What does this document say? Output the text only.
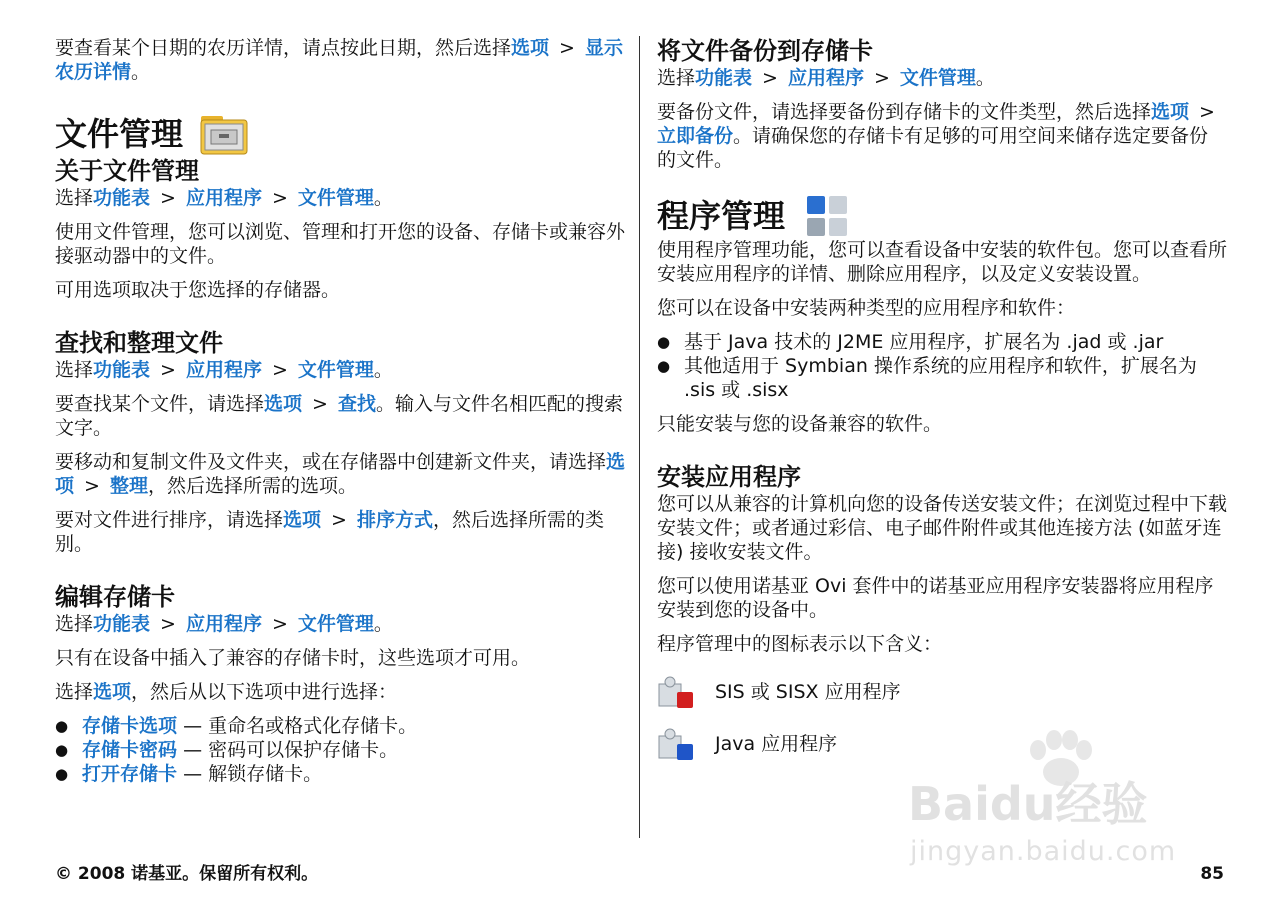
要查看某个日期的农历详情，请点按此日期，然后选择选项 > 显示农历详情。

文件管理
关于文件管理

选择功能表 > 应用程序 > 文件管理。

使用文件管理，您可以浏览、管理和打开您的设备、存储卡或兼容外接驱动器中的文件。

可用选项取决于您选择的存储器。

查找和整理文件

选择功能表 > 应用程序 > 文件管理。

要查找某个文件，请选择选项 > 查找。输入与文件名相匹配的搜索文字。

要移动和复制文件及文件夹，或在存储器中创建新文件夹，请选择选项 > 整理，然后选择所需的选项。

要对文件进行排序，请选择选项 > 排序方式，然后选择所需的类别。

编辑存储卡

选择功能表 > 应用程序 > 文件管理。

只有在设备中插入了兼容的存储卡时，这些选项才可用。

选择选项，然后从以下选项中进行选择：

● 存储卡选项 — 重命名或格式化存储卡。
● 存储卡密码 — 密码可以保护存储卡。
● 打开存储卡 — 解锁存储卡。
将文件备份到存储卡

选择功能表 > 应用程序 > 文件管理。

要备份文件，请选择要备份到存储卡的文件类型，然后选择选项 >立即备份。请确保您的存储卡有足够的可用空间来储存选定要备份的文件。

程序管理

使用程序管理功能，您可以查看设备中安装的软件包。您可以查看所安装应用程序的详情、删除应用程序，以及定义安装设置。

您可以在设备中安装两种类型的应用程序和软件：

● 基于 Java 技术的 J2ME 应用程序，扩展名为 .jad 或 .jar
● 其他适用于 Symbian 操作系统的应用程序和软件，扩展名为 .sis 或 .sisx

只能安装与您的设备兼容的软件。

安装应用程序

您可以从兼容的计算机向您的设备传送安装文件；在浏览过程中下载安装文件；或者通过彩信、电子邮件附件或其他连接方法 (如蓝牙连接) 接收安装文件。

您可以使用诺基亚 Ovi 套件中的诺基亚应用程序安装器将应用程序安装到您的设备中。

程序管理中的图标表示以下含义：

SIS 或 SISX 应用程序
Java 应用程序
Baidu经验
jingyan.baidu.com
© 2008 诺基亚。保留所有权利。	85
